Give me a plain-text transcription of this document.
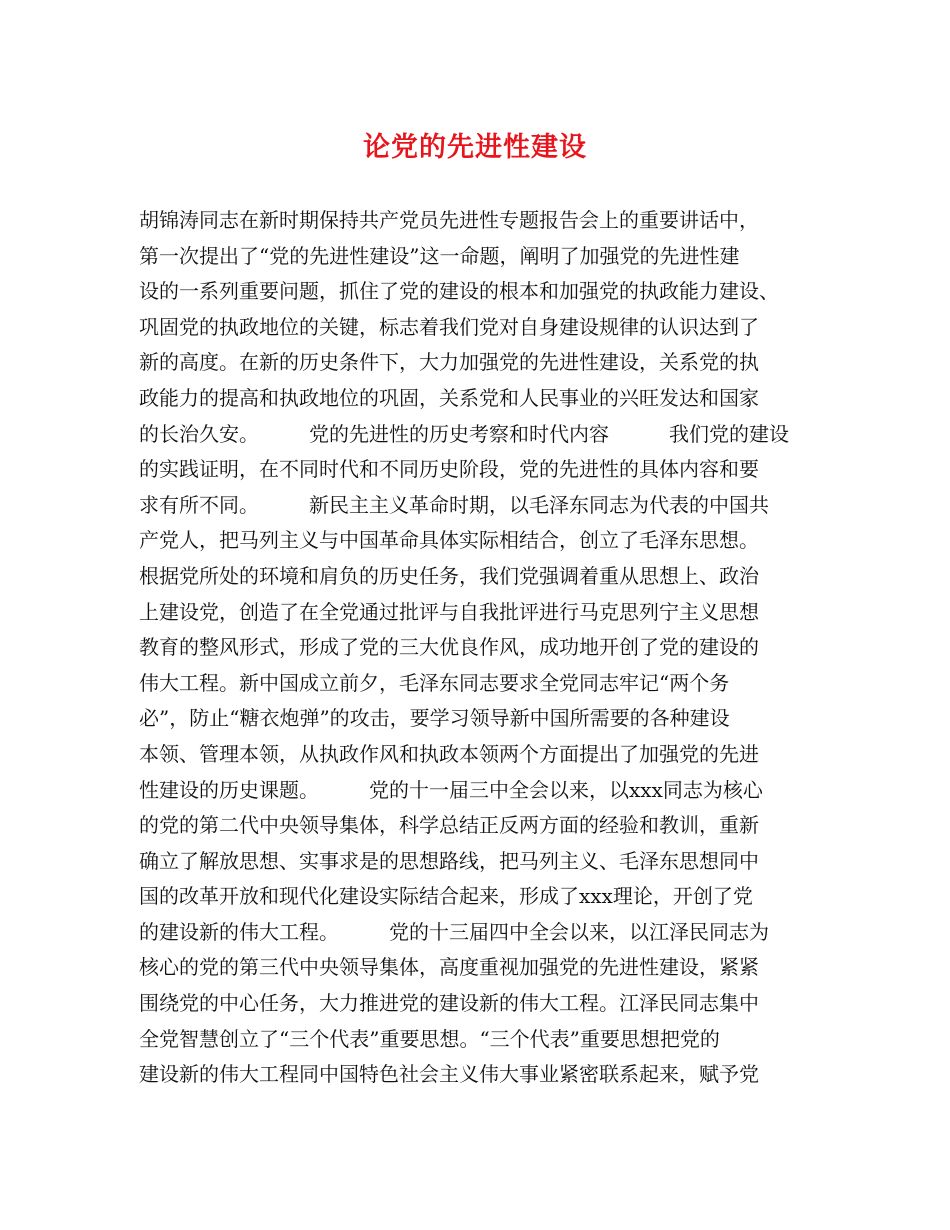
论党的先进性建设
胡锦涛同志在新时期保持共产党员先进性专题报告会上的重要讲话中，
第一次提出了“党的先进性建设”这一命题，阐明了加强党的先进性建
设的一系列重要问题，抓住了党的建设的根本和加强党的执政能力建设、
巩固党的执政地位的关键，标志着我们党对自身建设规律的认识达到了
新的高度。在新的历史条件下，大力加强党的先进性建设，关系党的执
政能力的提高和执政地位的巩固，关系党和人民事业的兴旺发达和国家
的长治久安。　　　党的先进性的历史考察和时代内容　　　我们党的建设
的实践证明，在不同时代和不同历史阶段，党的先进性的具体内容和要
求有所不同。　　　新民主主义革命时期，以毛泽东同志为代表的中国共
产党人，把马列主义与中国革命具体实际相结合，创立了毛泽东思想。
根据党所处的环境和肩负的历史任务，我们党强调着重从思想上、政治
上建设党，创造了在全党通过批评与自我批评进行马克思列宁主义思想
教育的整风形式，形成了党的三大优良作风，成功地开创了党的建设的
伟大工程。新中国成立前夕，毛泽东同志要求全党同志牢记“两个务
必”，防止“糖衣炮弹”的攻击，要学习领导新中国所需要的各种建设
本领、管理本领，从执政作风和执政本领两个方面提出了加强党的先进
性建设的历史课题。　　　党的十一届三中全会以来，以xxx同志为核心
的党的第二代中央领导集体，科学总结正反两方面的经验和教训，重新
确立了解放思想、实事求是的思想路线，把马列主义、毛泽东思想同中
国的改革开放和现代化建设实际结合起来，形成了xxx理论，开创了党
的建设新的伟大工程。　　　党的十三届四中全会以来，以江泽民同志为
核心的党的第三代中央领导集体，高度重视加强党的先进性建设，紧紧
围绕党的中心任务，大力推进党的建设新的伟大工程。江泽民同志集中
全党智慧创立了“三个代表”重要思想。“三个代表”重要思想把党的
建设新的伟大工程同中国特色社会主义伟大事业紧密联系起来，赋予党
